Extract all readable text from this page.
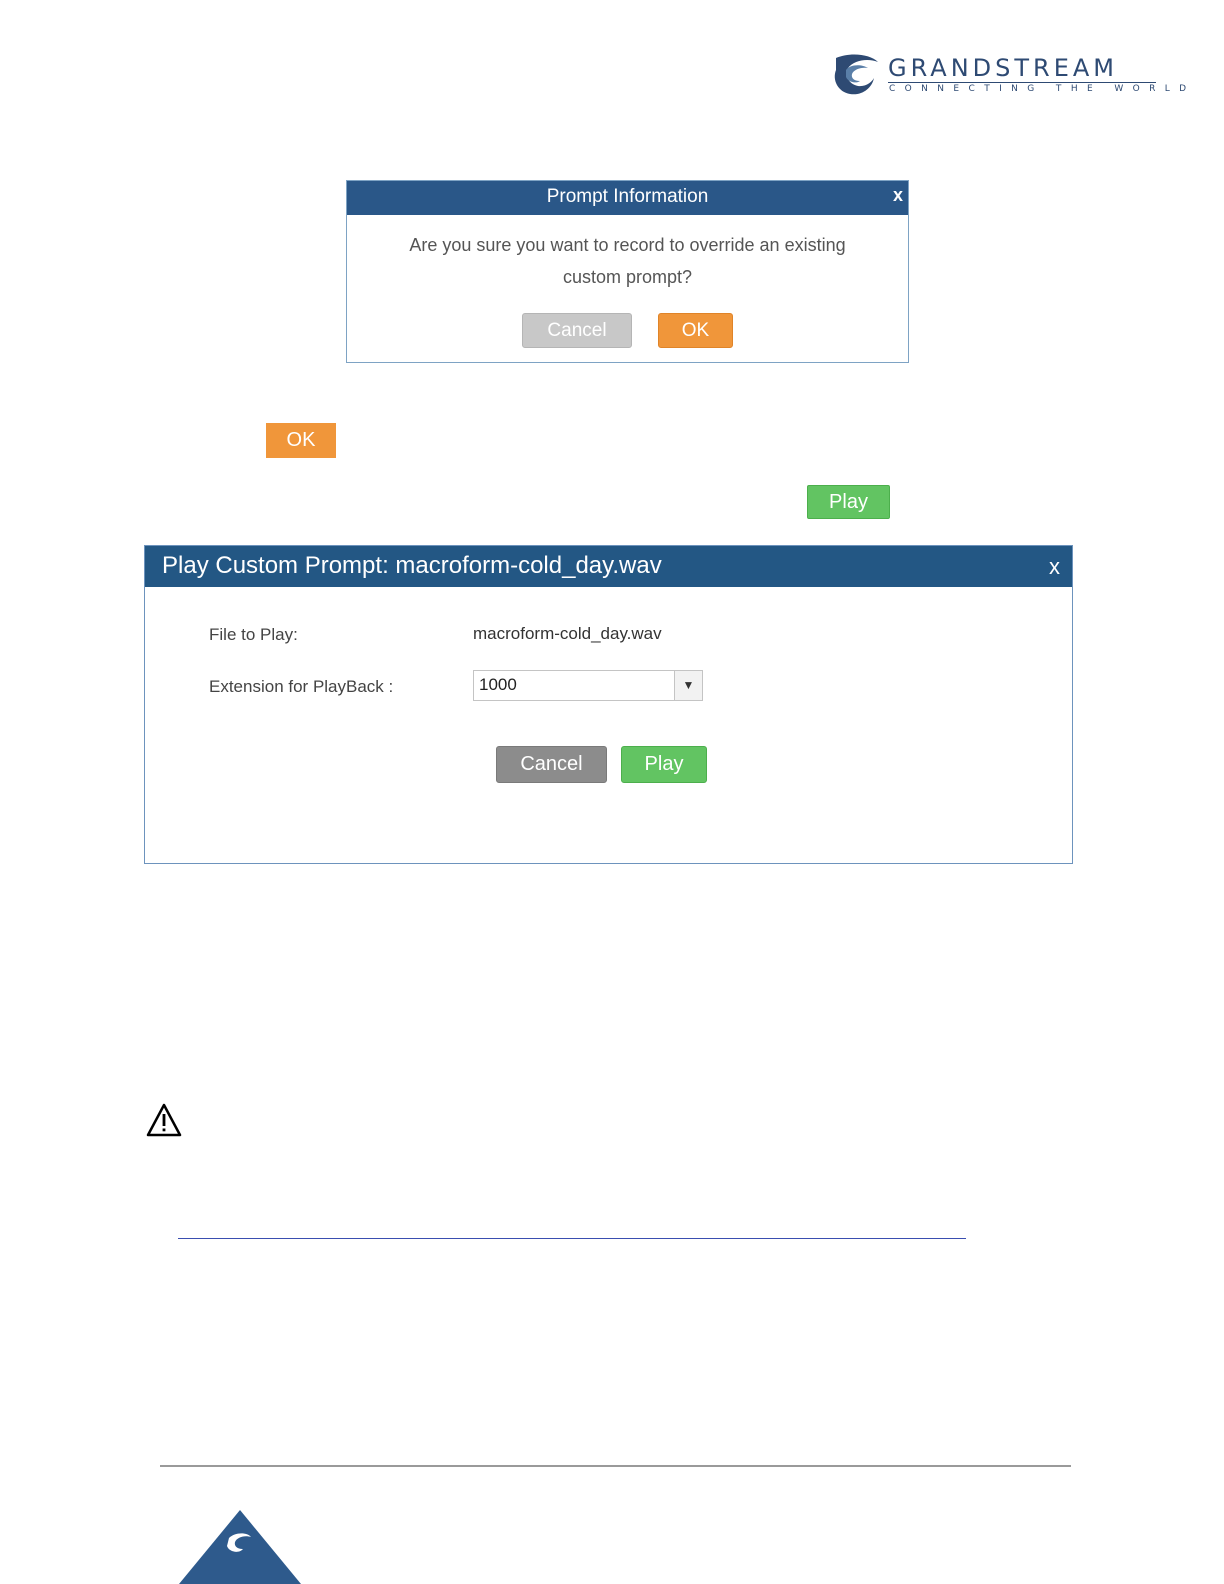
GRANDSTREAM
CONNECTING THE WORLD
Prompt Information	x
Are you sure you want to record to override an existing custom prompt?
Cancel	OK
OK
Play
Play Custom Prompt: macroform-cold_day.wav	x
File to Play:	macroform-cold_day.wav
Extension for PlayBack :	1000	▼
Cancel	Play
